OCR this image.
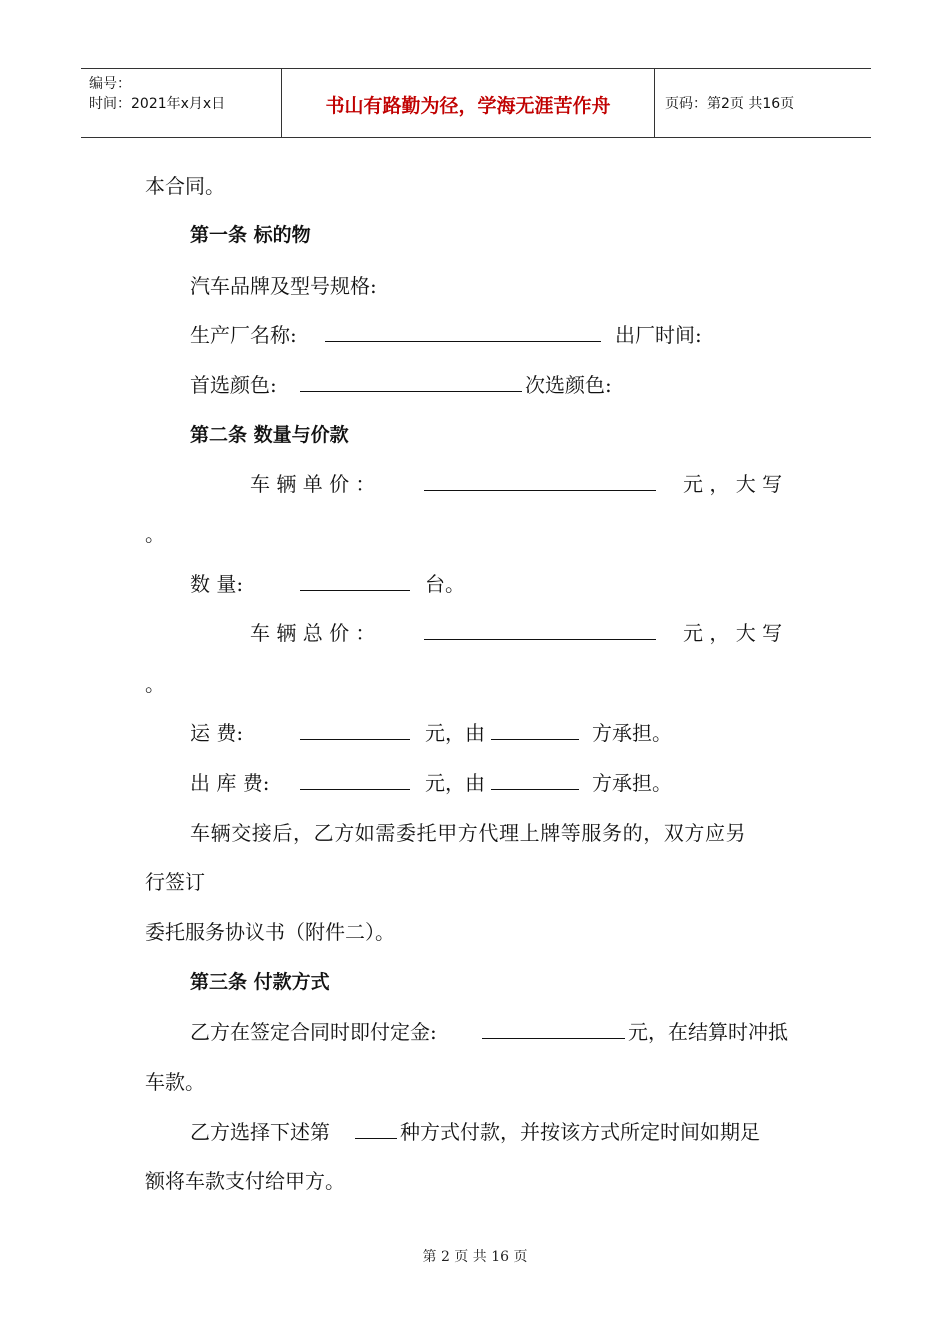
编号：
时间：2021年x月x日	书山有路勤为径，学海无涯苦作舟	页码：第2页 共16页
本合同。
第一条 标的物
汽车品牌及型号规格:
生产厂名称:	出厂时间:
首选颜色:	次选颜色:
第二条 数量与价款
车 辆 单 价 ：	元 ， 大 写
。
数 量:	台。
车 辆 总 价 ：	元 ， 大 写
。
运 费:	元，由	方承担。
出 库 费:	元，由	方承担。
车辆交接后，乙方如需委托甲方代理上牌等服务的，双方应另
行签订
委托服务协议书（附件二）。
第三条 付款方式
乙方在签定合同时即付定金:	元，在结算时冲抵
车款。
乙方选择下述第	种方式付款，并按该方式所定时间如期足
额将车款支付给甲方。
第 2 页 共 16 页
